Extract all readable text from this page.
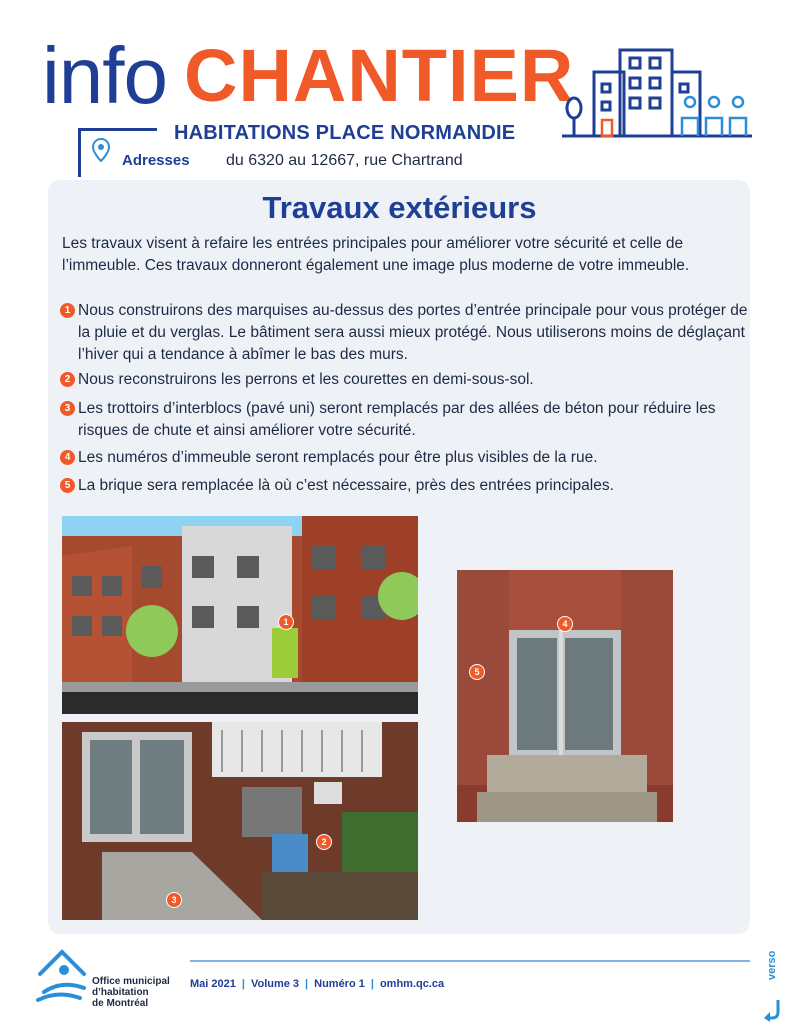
info CHANTIER
HABITATIONS PLACE NORMANDIE
Adresses du 6320 au 12667, rue Chartrand
Travaux extérieurs
Les travaux visent à refaire les entrées principales pour améliorer votre sécurité et celle de l’immeuble. Ces travaux donneront également une image plus moderne de votre immeuble.
1 Nous construirons des marquises au-dessus des portes d’entrée principale pour vous protéger de la pluie et du verglas. Le bâtiment sera aussi mieux protégé. Nous utiliserons moins de déglaçant l’hiver qui a tendance à abîmer le bas des murs.
2 Nous reconstruirons les perrons et les courettes en demi-sous-sol.
3 Les trottoirs d’interblocs (pavé uni) seront remplacés par des allées de béton pour réduire les risques de chute et ainsi améliorer votre sécurité.
4 Les numéros d’immeuble seront remplacés pour être plus visibles de la rue.
5 La brique sera remplacée là où c’est nécessaire, près des entrées principales.
1
2
3
4
5
Office municipal
d’habitation
de Montréal
Mai 2021 | Volume 3 | Numéro 1 | omhm.qc.ca
verso
